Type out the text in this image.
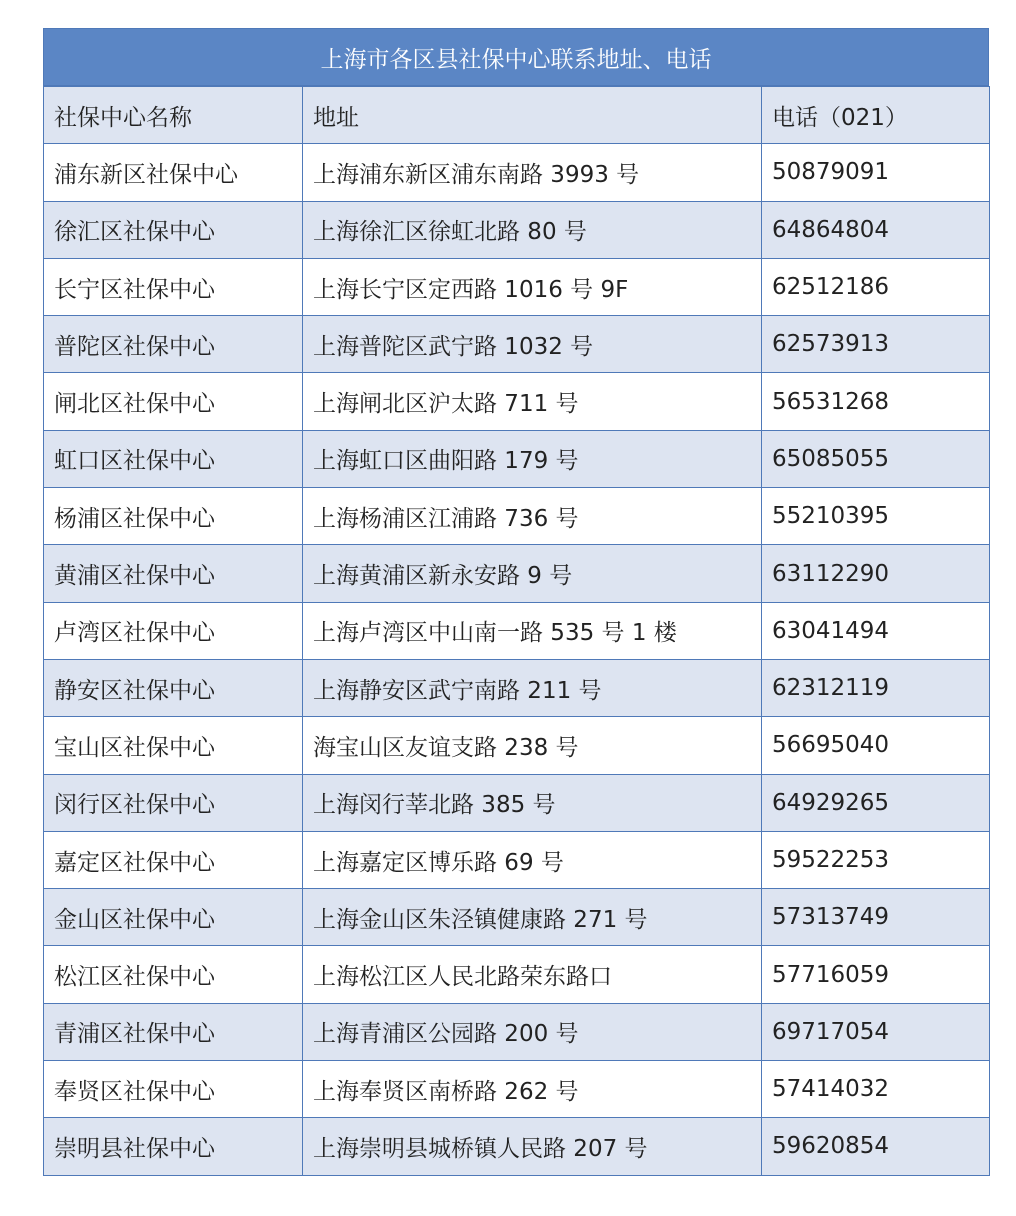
上海市各区县社保中心联系地址、电话
社保中心名称	地址	电话（021）
浦东新区社保中心	上海浦东新区浦东南路 3993 号	50879091
徐汇区社保中心	上海徐汇区徐虹北路 80 号	64864804
长宁区社保中心	上海长宁区定西路 1016 号 9F	62512186
普陀区社保中心	上海普陀区武宁路 1032 号	62573913
闸北区社保中心	上海闸北区沪太路 711 号	56531268
虹口区社保中心	上海虹口区曲阳路 179 号	65085055
杨浦区社保中心	上海杨浦区江浦路 736 号	55210395
黄浦区社保中心	上海黄浦区新永安路 9 号	63112290
卢湾区社保中心	上海卢湾区中山南一路 535 号 1 楼	63041494
静安区社保中心	上海静安区武宁南路 211 号	62312119
宝山区社保中心	海宝山区友谊支路 238 号	56695040
闵行区社保中心	上海闵行莘北路 385 号	64929265
嘉定区社保中心	上海嘉定区博乐路 69 号	59522253
金山区社保中心	上海金山区朱泾镇健康路 271 号	57313749
松江区社保中心	上海松江区人民北路荣东路口	57716059
青浦区社保中心	上海青浦区公园路 200 号	69717054
奉贤区社保中心	上海奉贤区南桥路 262 号	57414032
崇明县社保中心	上海崇明县城桥镇人民路 207 号	59620854
